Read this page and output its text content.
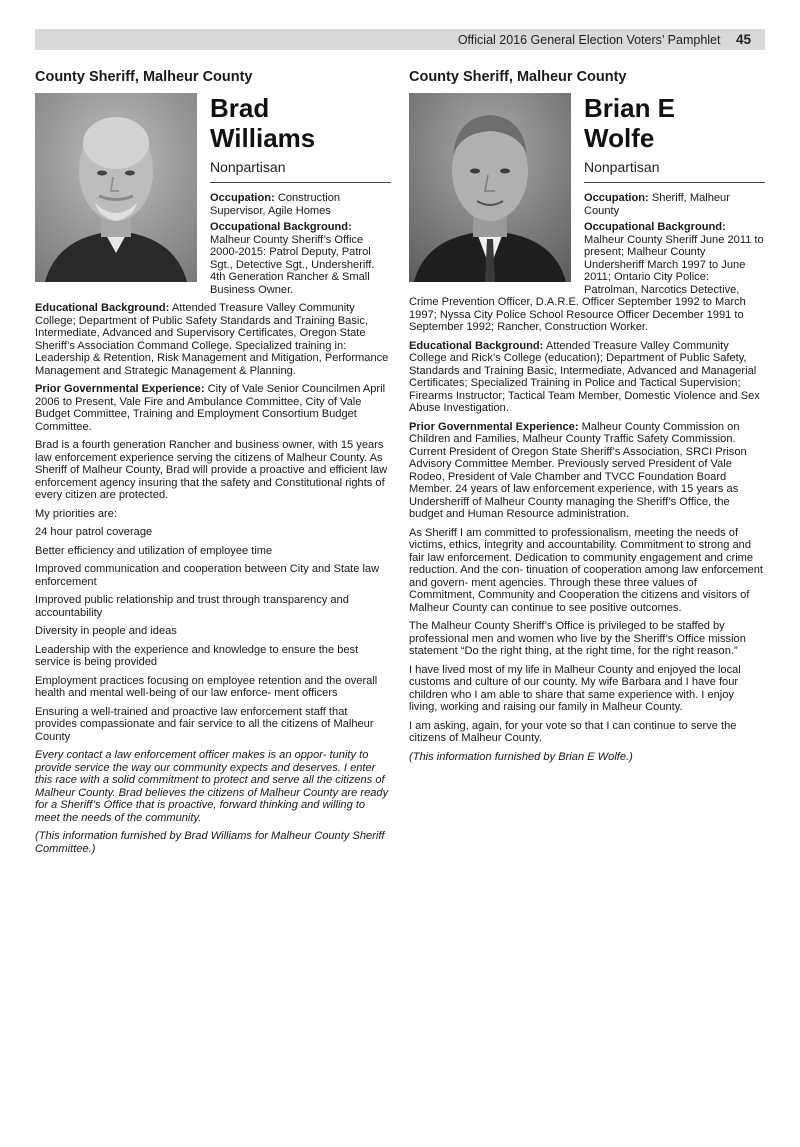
Official 2016 General Election Voters’ Pamphlet 45
County Sheriff, Malheur County
Brad
Williams
Nonpartisan

Occupation: Construction Supervisor, Agile Homes

Occupational Background: Malheur County Sheriff’s Office 2000-2015: Patrol Deputy, Patrol Sgt., Detective Sgt., Undersheriff. 4th Generation Rancher & Small Business Owner.

Educational Background: Attended Treasure Valley Community College; Department of Public Safety Standards and Training Basic, Intermediate, Advanced and Supervisory Certificates, Oregon State Sheriff’s Association Command College. Specialized training in: Leadership & Retention, Risk Management and Mitigation, Performance Management and Strategic Management & Planning.

Prior Governmental Experience: City of Vale Senior Councilmen April 2006 to Present, Vale Fire and Ambulance Committee, City of Vale Budget Committee, Training and Employment Consortium Budget Committee.

Brad is a fourth generation Rancher and business owner, with 15 years law enforcement experience serving the citizens of Malheur County. As Sheriff of Malheur County, Brad will provide a proactive and efficient law enforcement agency insuring that the safety and Constitutional rights of every citizen are protected.

My priorities are:

24 hour patrol coverage

Better efficiency and utilization of employee time

Improved communication and cooperation between City and State law enforcement

Improved public relationship and trust through transparency and accountability

Diversity in people and ideas

Leadership with the experience and knowledge to ensure the best service is being provided

Employment practices focusing on employee retention and the overall health and mental well-being of our law enforce- ment officers

Ensuring a well-trained and proactive law enforcement staff that provides compassionate and fair service to all the citizens of Malheur County

Every contact a law enforcement officer makes is an oppor- tunity to provide service the way our community expects and deserves. I enter this race with a solid commitment to protect and serve all the citizens of Malheur County. Brad believes the citizens of Malheur County are ready for a Sheriff’s Office that is proactive, forward thinking and willing to meet the needs of the community.

(This information furnished by Brad Williams for Malheur County Sheriff Committee.)

County Sheriff, Malheur County
Brian E
Wolfe
Nonpartisan

Occupation: Sheriff, Malheur County

Occupational Background: Malheur County Sheriff June 2011 to present; Malheur County Undersheriff March 1997 to June 2011; Ontario City Police: Patrolman, Narcotics Detective, Crime Prevention Officer, D.A.R.E. Officer September 1992 to March 1997; Nyssa City Police School Resource Officer December 1991 to September 1992; Rancher, Construction Worker.

Educational Background: Attended Treasure Valley Community College and Rick’s College (education); Department of Public Safety, Standards and Training Basic, Intermediate, Advanced and Managerial Certificates; Specialized Training in Police and Tactical Supervision; Firearms Instructor; Tactical Team Member, Domestic Violence and Sex Abuse Investigation.

Prior Governmental Experience: Malheur County Commission on Children and Families, Malheur County Traffic Safety Commission. Current President of Oregon State Sheriff’s Association, SRCI Prison Advisory Committee Member. Previously served President of Vale Rodeo, President of Vale Chamber and TVCC Foundation Board Member. 24 years of law enforcement experience, with 15 years as Undersheriff of Malheur County managing the Sheriff’s Office, the budget and Human Resource administration.

As Sheriff I am committed to professionalism, meeting the needs of victims, ethics, integrity and accountability. Commitment to strong and fair law enforcement. Dedication to community engagement and crime reduction. And the con- tinuation of cooperation among law enforcement and govern- ment agencies. Through these three values of Commitment, Community and Cooperation the citizens and visitors of Malheur County can continue to see positive outcomes.

The Malheur County Sheriff’s Office is privileged to be staffed by professional men and women who live by the Sheriff’s Office mission statement “Do the right thing, at the right time, for the right reason.”

I have lived most of my life in Malheur County and enjoyed the local customs and culture of our county. My wife Barbara and I have four children who I am able to share that same experience with. I enjoy living, working and raising our family in Malheur County.

I am asking, again, for your vote so that I can continue to serve the citizens of Malheur County.

(This information furnished by Brian E Wolfe.)
